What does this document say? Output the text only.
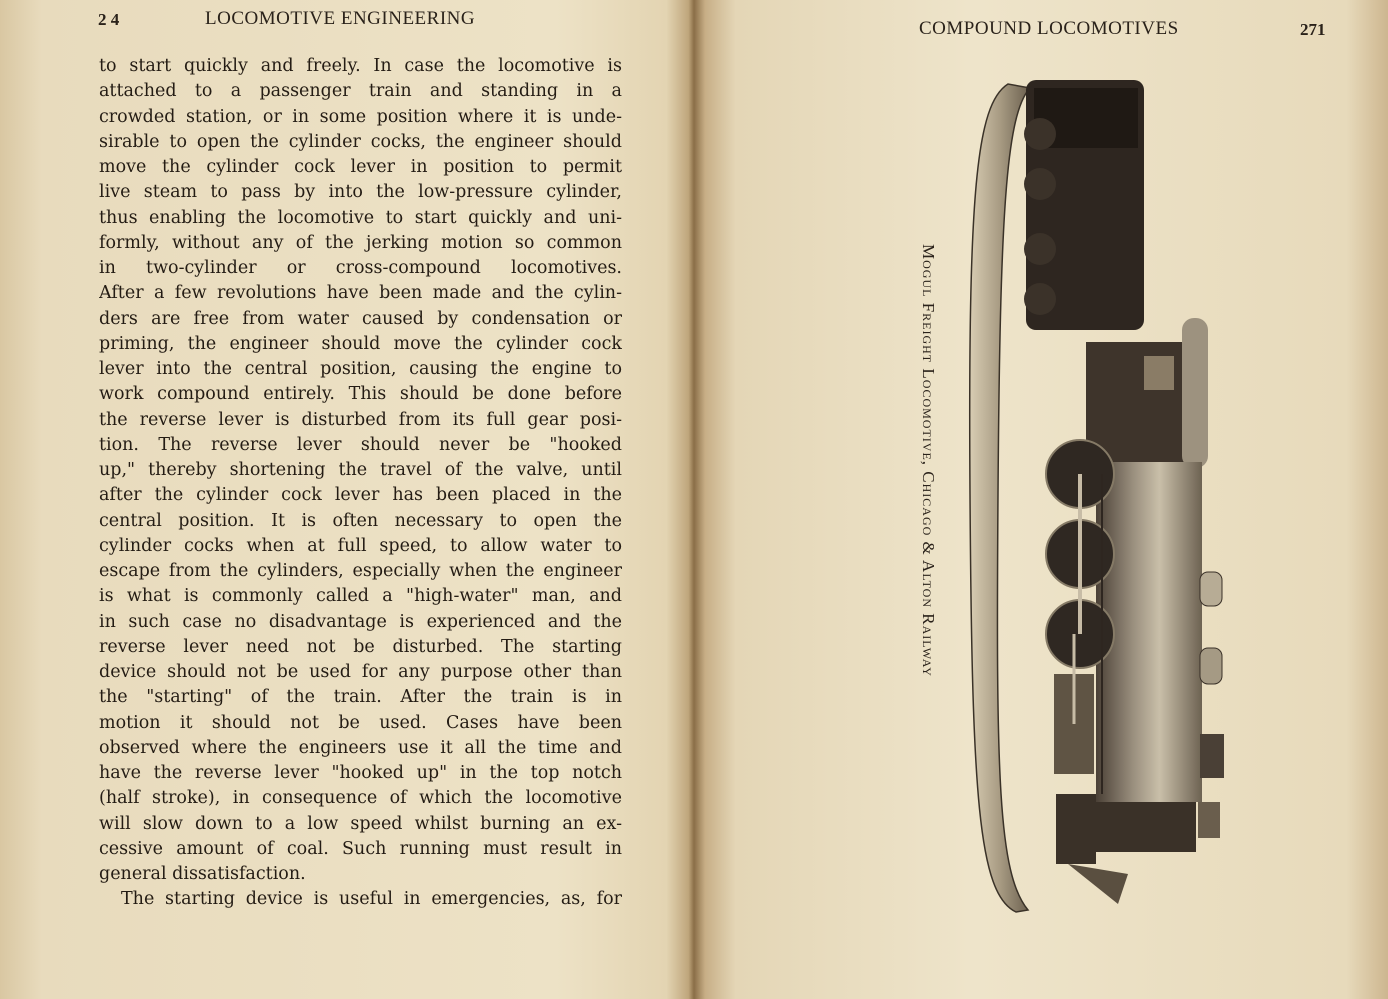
2 4	LOCOMOTIVE ENGINEERING
to start quickly and freely. In case the locomotive is
attached to a passenger train and standing in a
crowded station, or in some position where it is unde-
sirable to open the cylinder cocks, the engineer should
move the cylinder cock lever in position to permit
live steam to pass by into the low-pressure cylinder,
thus enabling the locomotive to start quickly and uni-
formly, without any of the jerking motion so common
in two-cylinder or cross-compound locomotives.
After a few revolutions have been made and the cylin-
ders are free from water caused by condensation or
priming, the engineer should move the cylinder cock
lever into the central position, causing the engine to
work compound entirely. This should be done before
the reverse lever is disturbed from its full gear posi-
tion. The reverse lever should never be "hooked
up," thereby shortening the travel of the valve, until
after the cylinder cock lever has been placed in the
central position. It is often necessary to open the
cylinder cocks when at full speed, to allow water to
escape from the cylinders, especially when the engineer
is what is commonly called a "high-water" man, and
in such case no disadvantage is experienced and the
reverse lever need not be disturbed. The starting
device should not be used for any purpose other than
the "starting" of the train. After the train is in
motion it should not be used. Cases have been
observed where the engineers use it all the time and
have the reverse lever "hooked up" in the top notch
(half stroke), in consequence of which the locomotive
will slow down to a low speed whilst burning an ex-
cessive amount of coal. Such running must result in
general dissatisfaction.
The starting device is useful in emergencies, as, for
COMPOUND LOCOMOTIVES	271
Mogul Freight Locomotive, Chicago & Alton Railway
